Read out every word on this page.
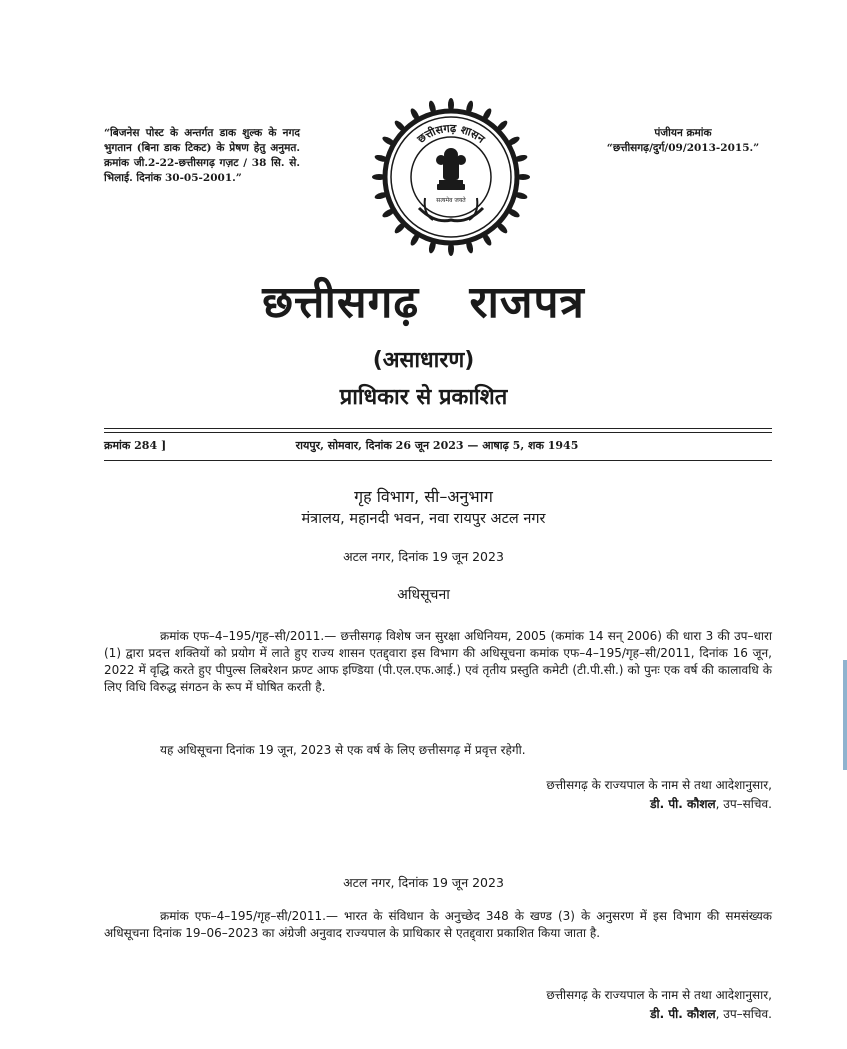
“बिजनेस पोस्ट के अन्तर्गत डाक शुल्क के नगद भुगतान (बिना डाक टिकट) के प्रेषण हेतु अनुमत. क्रमांक जी.2-22-छत्तीसगढ़ गज़ट / 38 सि. से. भिलाई. दिनांक 30-05-2001.”
पंजीयन क्रमांक
“छत्तीसगढ़/दुर्ग/09/2013-2015.”
छत्तीसगढ़ शासन
सत्यमेव जयते
छत्तीसगढ़ राजपत्र
(असाधारण)
प्राधिकार से प्रकाशित
क्रमांक 284 ]	रायपुर, सोमवार, दिनांक 26 जून 2023 — आषाढ़ 5, शक 1945
गृह विभाग, सी–अनुभाग
मंत्रालय, महानदी भवन, नवा रायपुर अटल नगर
अटल नगर, दिनांक 19 जून 2023
अधिसूचना
क्रमांक एफ–4–195/गृह–सी/2011.— छत्तीसगढ़ विशेष जन सुरक्षा अधिनियम, 2005 (कमांक 14 सन् 2006) की धारा 3 की उप–धारा (1) द्वारा प्रदत्त शक्तियों को प्रयोग में लाते हुए राज्य शासन एतद्द्वारा इस विभाग की अधिसूचना कमांक एफ–4–195/गृह–सी/2011, दिनांक 16 जून, 2022 में वृद्धि करते हुए पीपुल्स लिबरेशन फ्रण्ट आफ इण्डिया (पी.एल.एफ.आई.) एवं तृतीय प्रस्तुति कमेटी (टी.पी.सी.) को पुनः एक वर्ष की कालावधि के लिए विधि विरुद्ध संगठन के रूप में घोषित करती है.
यह अधिसूचना दिनांक 19 जून, 2023 से एक वर्ष के लिए छत्तीसगढ़ में प्रवृत्त रहेगी.
छत्तीसगढ़ के राज्यपाल के नाम से तथा आदेशानुसार,
डी. पी. कौशल, उप–सचिव.
अटल नगर, दिनांक 19 जून 2023
क्रमांक एफ–4–195/गृह–सी/2011.— भारत के संविधान के अनुच्छेद 348 के खण्ड (3) के अनुसरण में इस विभाग की समसंख्यक अधिसूचना दिनांक 19–06–2023 का अंग्रेजी अनुवाद राज्यपाल के प्राधिकार से एतद्द्वारा प्रकाशित किया जाता है.
छत्तीसगढ़ के राज्यपाल के नाम से तथा आदेशानुसार,
डी. पी. कौशल, उप–सचिव.
